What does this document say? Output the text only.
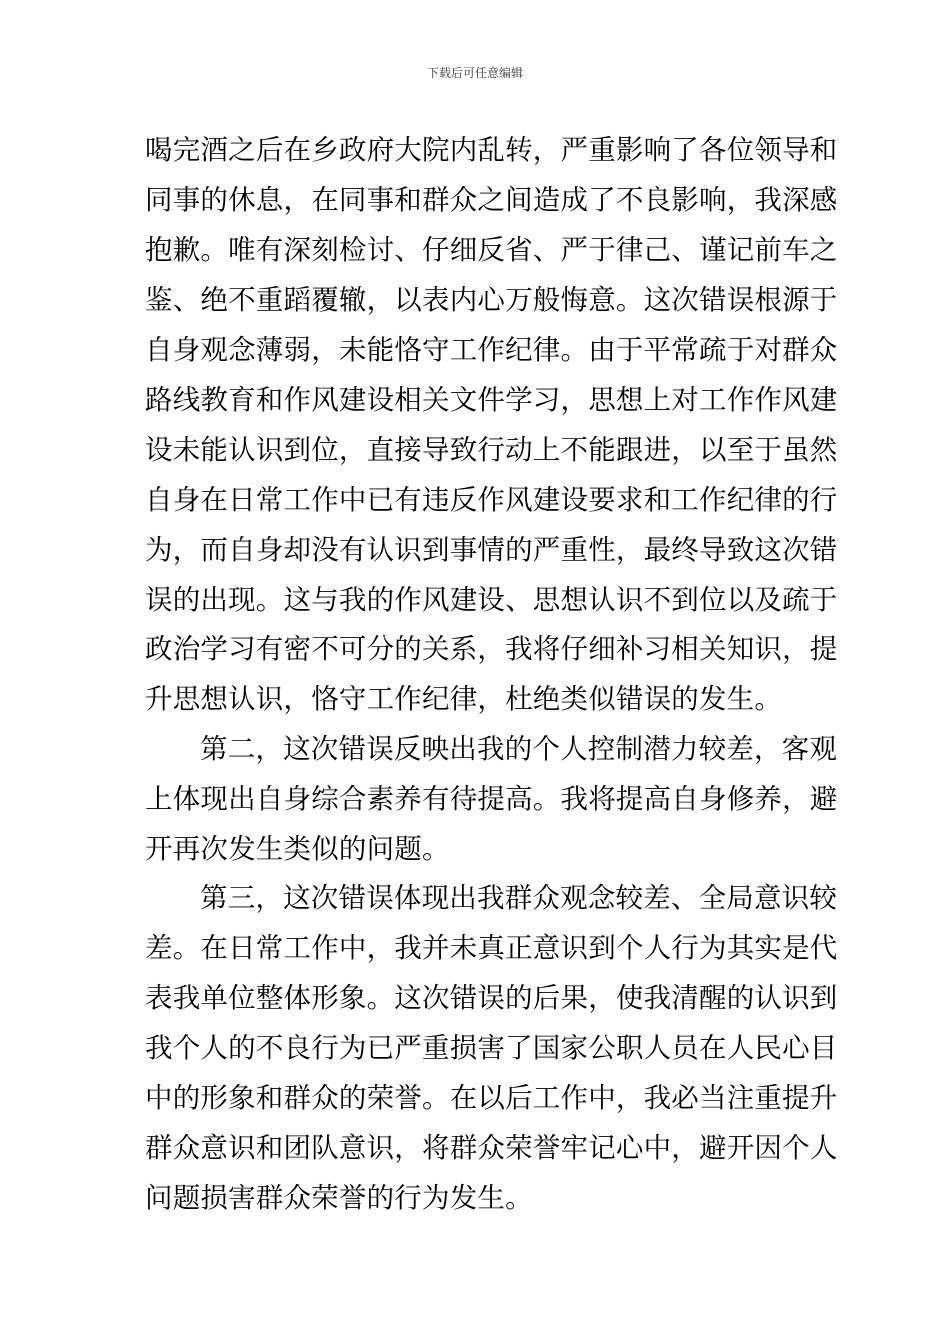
下载后可任意编辑
喝完酒之后在乡政府大院内乱转，严重影响了各位领导和
同事的休息，在同事和群众之间造成了不良影响，我深感
抱歉。唯有深刻检讨、仔细反省、严于律己、谨记前车之
鉴、绝不重蹈覆辙，以表内心万般悔意。这次错误根源于
自身观念薄弱，未能恪守工作纪律。由于平常疏于对群众
路线教育和作风建设相关文件学习，思想上对工作作风建
设未能认识到位，直接导致行动上不能跟进，以至于虽然
自身在日常工作中已有违反作风建设要求和工作纪律的行
为，而自身却没有认识到事情的严重性，最终导致这次错
误的出现。这与我的作风建设、思想认识不到位以及疏于
政治学习有密不可分的关系，我将仔细补习相关知识，提
升思想认识，恪守工作纪律，杜绝类似错误的发生。
第二，这次错误反映出我的个人控制潜力较差，客观
上体现出自身综合素养有待提高。我将提高自身修养，避
开再次发生类似的问题。
第三，这次错误体现出我群众观念较差、全局意识较
差。在日常工作中，我并未真正意识到个人行为其实是代
表我单位整体形象。这次错误的后果，使我清醒的认识到
我个人的不良行为已严重损害了国家公职人员在人民心目
中的形象和群众的荣誉。在以后工作中，我必当注重提升
群众意识和团队意识，将群众荣誉牢记心中，避开因个人
问题损害群众荣誉的行为发生。
